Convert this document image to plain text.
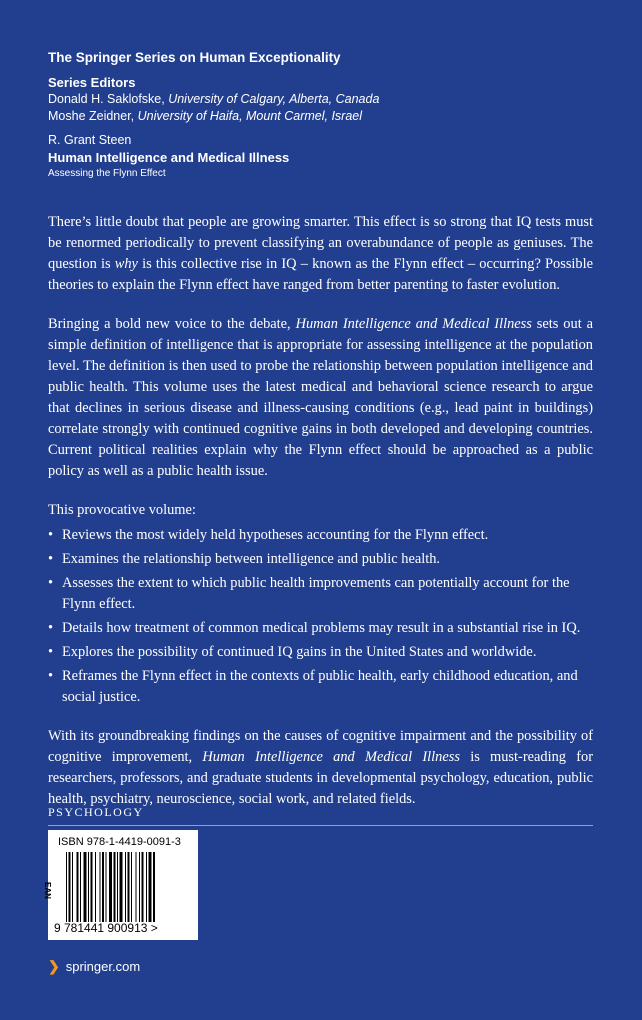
The Springer Series on Human Exceptionality

Series Editors

Donald H. Saklofske, University of Calgary, Alberta, Canada

Moshe Zeidner, University of Haifa, Mount Carmel, Israel

R. Grant Steen

Human Intelligence and Medical Illness

Assessing the Flynn Effect

There’s little doubt that people are growing smarter. This effect is so strong that IQ tests must be renormed periodically to prevent classifying an overabundance of people as geniuses. The question is why is this collective rise in IQ – known as the Flynn effect – occurring? Possible theories to explain the Flynn effect have ranged from better parenting to faster evolution.

Bringing a bold new voice to the debate, Human Intelligence and Medical Illness sets out a simple definition of intelligence that is appropriate for assessing intelligence at the population level. The definition is then used to probe the relationship between population intelligence and public health. This volume uses the latest medical and behavioral science research to argue that declines in serious disease and illness-causing conditions (e.g., lead paint in buildings) correlate strongly with continued cognitive gains in both developed and developing countries. Current political realities explain why the Flynn effect should be approached as a public policy as well as a public health issue.

This provocative volume:

• Reviews the most widely held hypotheses accounting for the Flynn effect.
• Examines the relationship between intelligence and public health.
• Assesses the extent to which public health improvements can potentially account for the Flynn effect.
• Details how treatment of common medical problems may result in a substantial rise in IQ.
• Explores the possibility of continued IQ gains in the United States and worldwide.
• Reframes the Flynn effect in the contexts of public health, early childhood education, and social justice.

With its groundbreaking findings on the causes of cognitive impairment and the possibility of cognitive improvement, Human Intelligence and Medical Illness is must-reading for researchers, professors, and graduate students in developmental psychology, education, public health, psychiatry, neuroscience, social work, and related fields.

PSYCHOLOGY
ISBN 978-1-4419-0091-3
EAN
9 781441 900913 >
❯ springer.com
